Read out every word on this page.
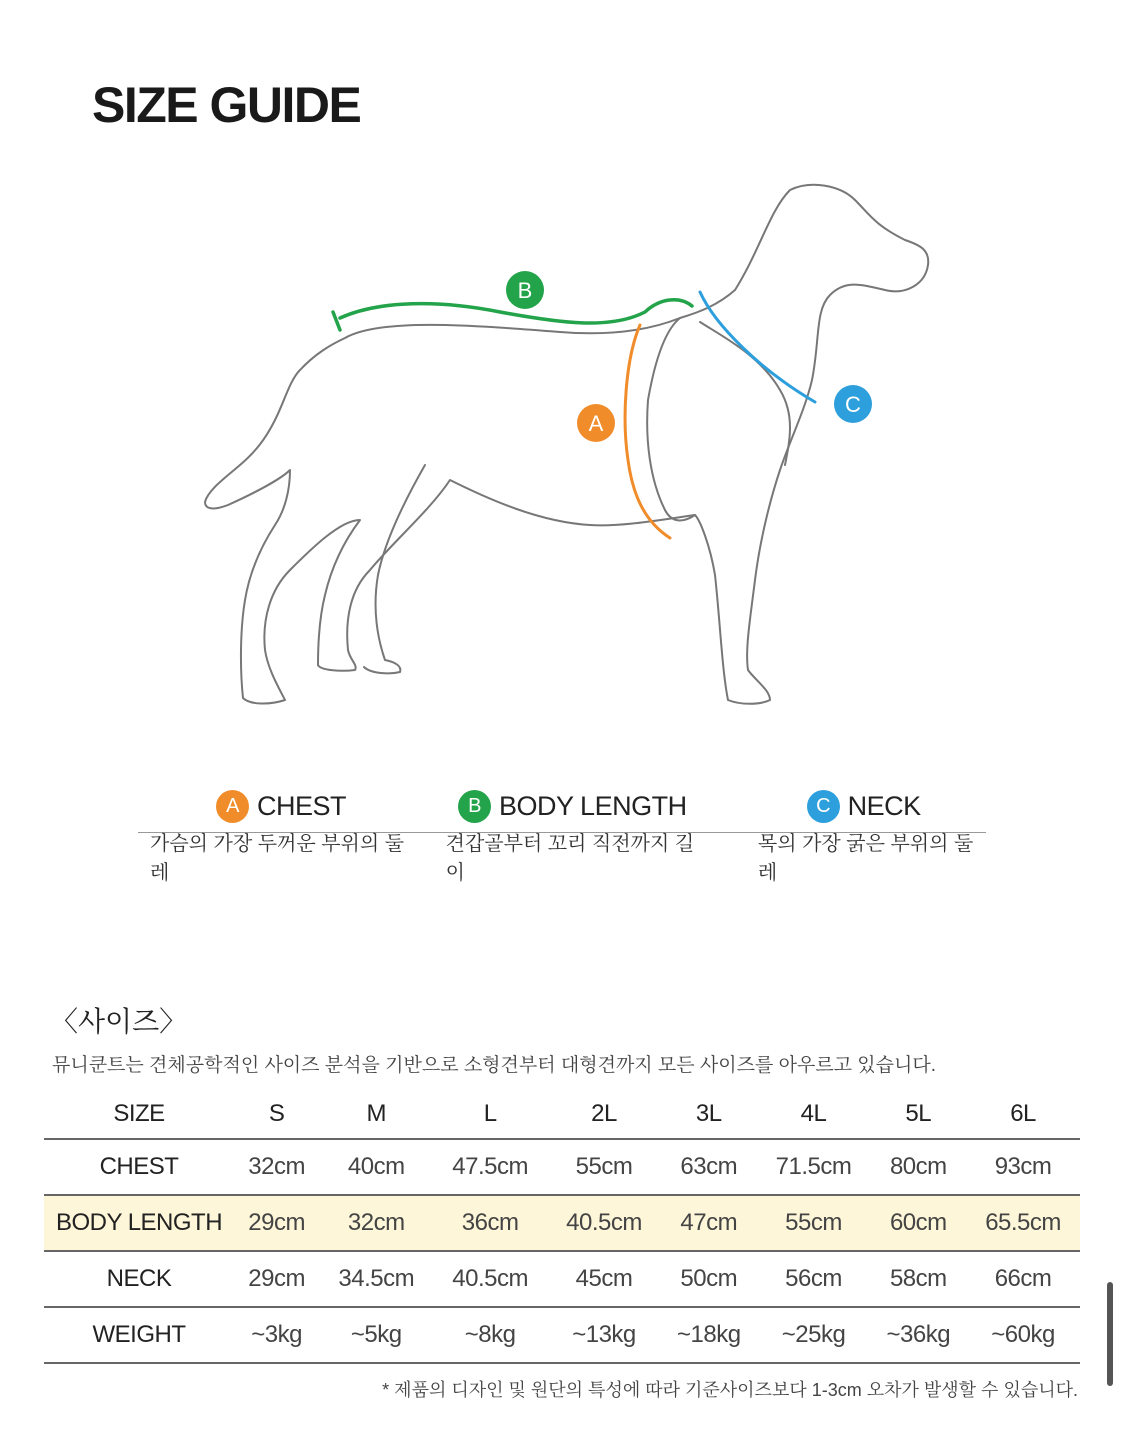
SIZE GUIDE
A
B
C
A CHEST	B BODY LENGTH	C NECK
가슴의 가장 두꺼운 부위의 둘레
견갑골부터 꼬리 직전까지 길이
목의 가장 굵은 부위의 둘레
〈사이즈〉
뮤니쿤트는 견체공학적인 사이즈 분석을 기반으로 소형견부터 대형견까지 모든 사이즈를 아우르고 있습니다.
SIZE	S	M	L	2L	3L	4L	5L	6L
CHEST	32cm	40cm	47.5cm	55cm	63cm	71.5cm	80cm	93cm
BODY LENGTH	29cm	32cm	36cm	40.5cm	47cm	55cm	60cm	65.5cm
NECK	29cm	34.5cm	40.5cm	45cm	50cm	56cm	58cm	66cm
WEIGHT	~3kg	~5kg	~8kg	~13kg	~18kg	~25kg	~36kg	~60kg
* 제품의 디자인 및 원단의 특성에 따라 기준사이즈보다 1-3cm 오차가 발생할 수 있습니다.
